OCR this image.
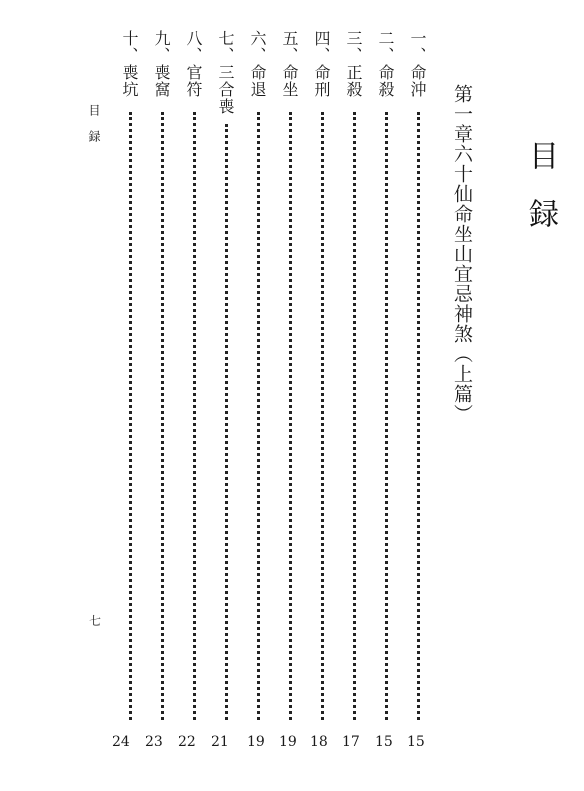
目録
第一章六十仙命坐山宜忌神煞（上篇）
目録
七
一、命沖
二、命殺
三、正殺
四、命刑
五、命坐
六、命退
七、三合喪
八、官符
九、喪窩
十、喪坑
15
15
17
18
19
19
21
22
23
24
